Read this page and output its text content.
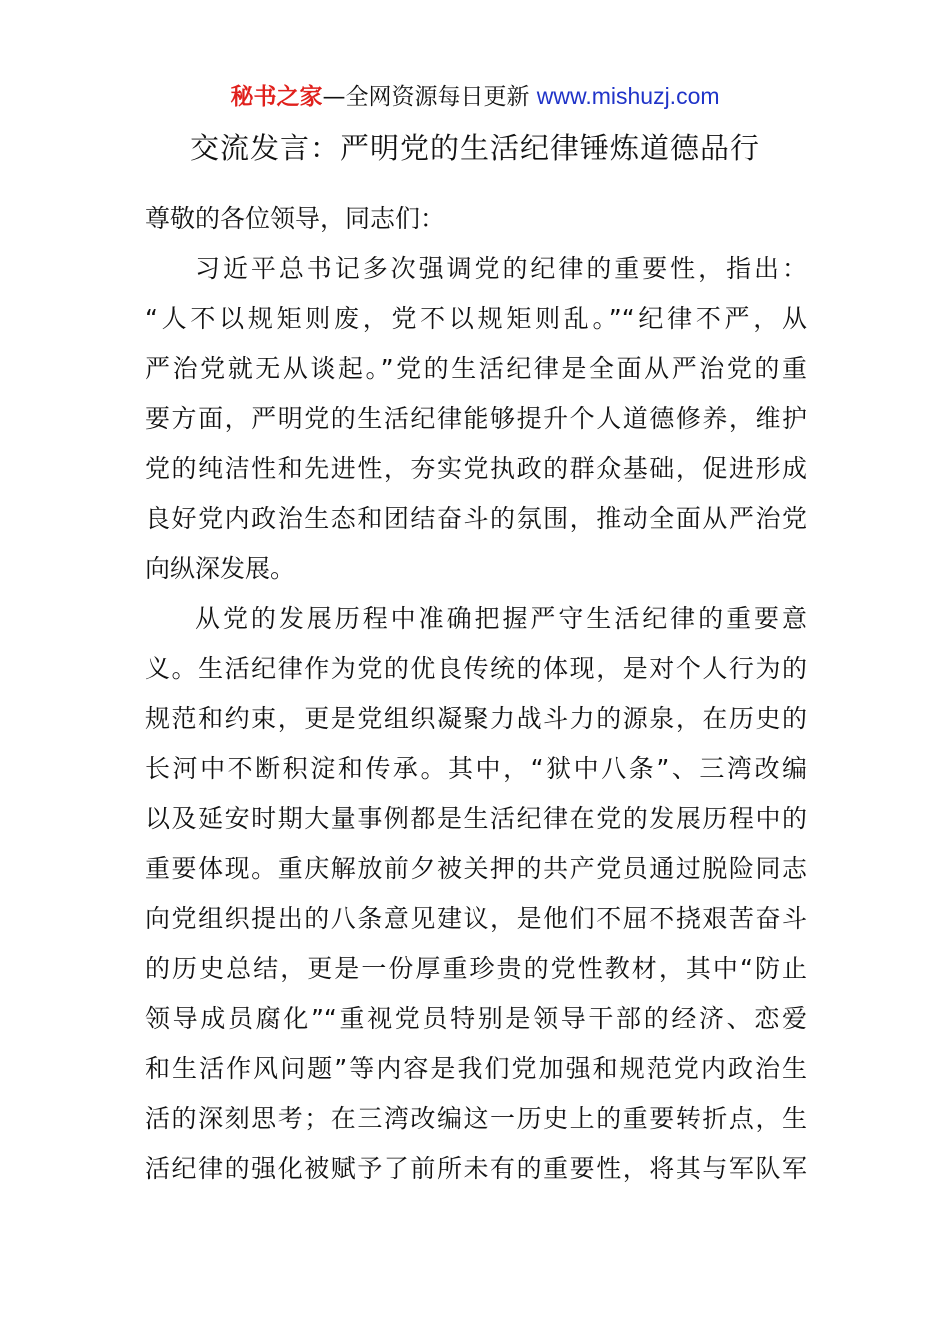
秘书之家—全网资源每日更新 www.mishuzj.com
交流发言：严明党的生活纪律锤炼道德品行
尊敬的各位领导，同志们：
习近平总书记多次强调党的纪律的重要性，指出：
“人不以规矩则废，党不以规矩则乱。”“纪律不严，从
严治党就无从谈起。”党的生活纪律是全面从严治党的重
要方面，严明党的生活纪律能够提升个人道德修养，维护
党的纯洁性和先进性，夯实党执政的群众基础，促进形成
良好党内政治生态和团结奋斗的氛围，推动全面从严治党
向纵深发展。
从党的发展历程中准确把握严守生活纪律的重要意
义。生活纪律作为党的优良传统的体现，是对个人行为的
规范和约束，更是党组织凝聚力战斗力的源泉，在历史的
长河中不断积淀和传承。其中，“狱中八条”、三湾改编
以及延安时期大量事例都是生活纪律在党的发展历程中的
重要体现。重庆解放前夕被关押的共产党员通过脱险同志
向党组织提出的八条意见建议，是他们不屈不挠艰苦奋斗
的历史总结，更是一份厚重珍贵的党性教材，其中“防止
领导成员腐化”“重视党员特别是领导干部的经济、恋爱
和生活作风问题”等内容是我们党加强和规范党内政治生
活的深刻思考；在三湾改编这一历史上的重要转折点，生
活纪律的强化被赋予了前所未有的重要性，将其与军队军
